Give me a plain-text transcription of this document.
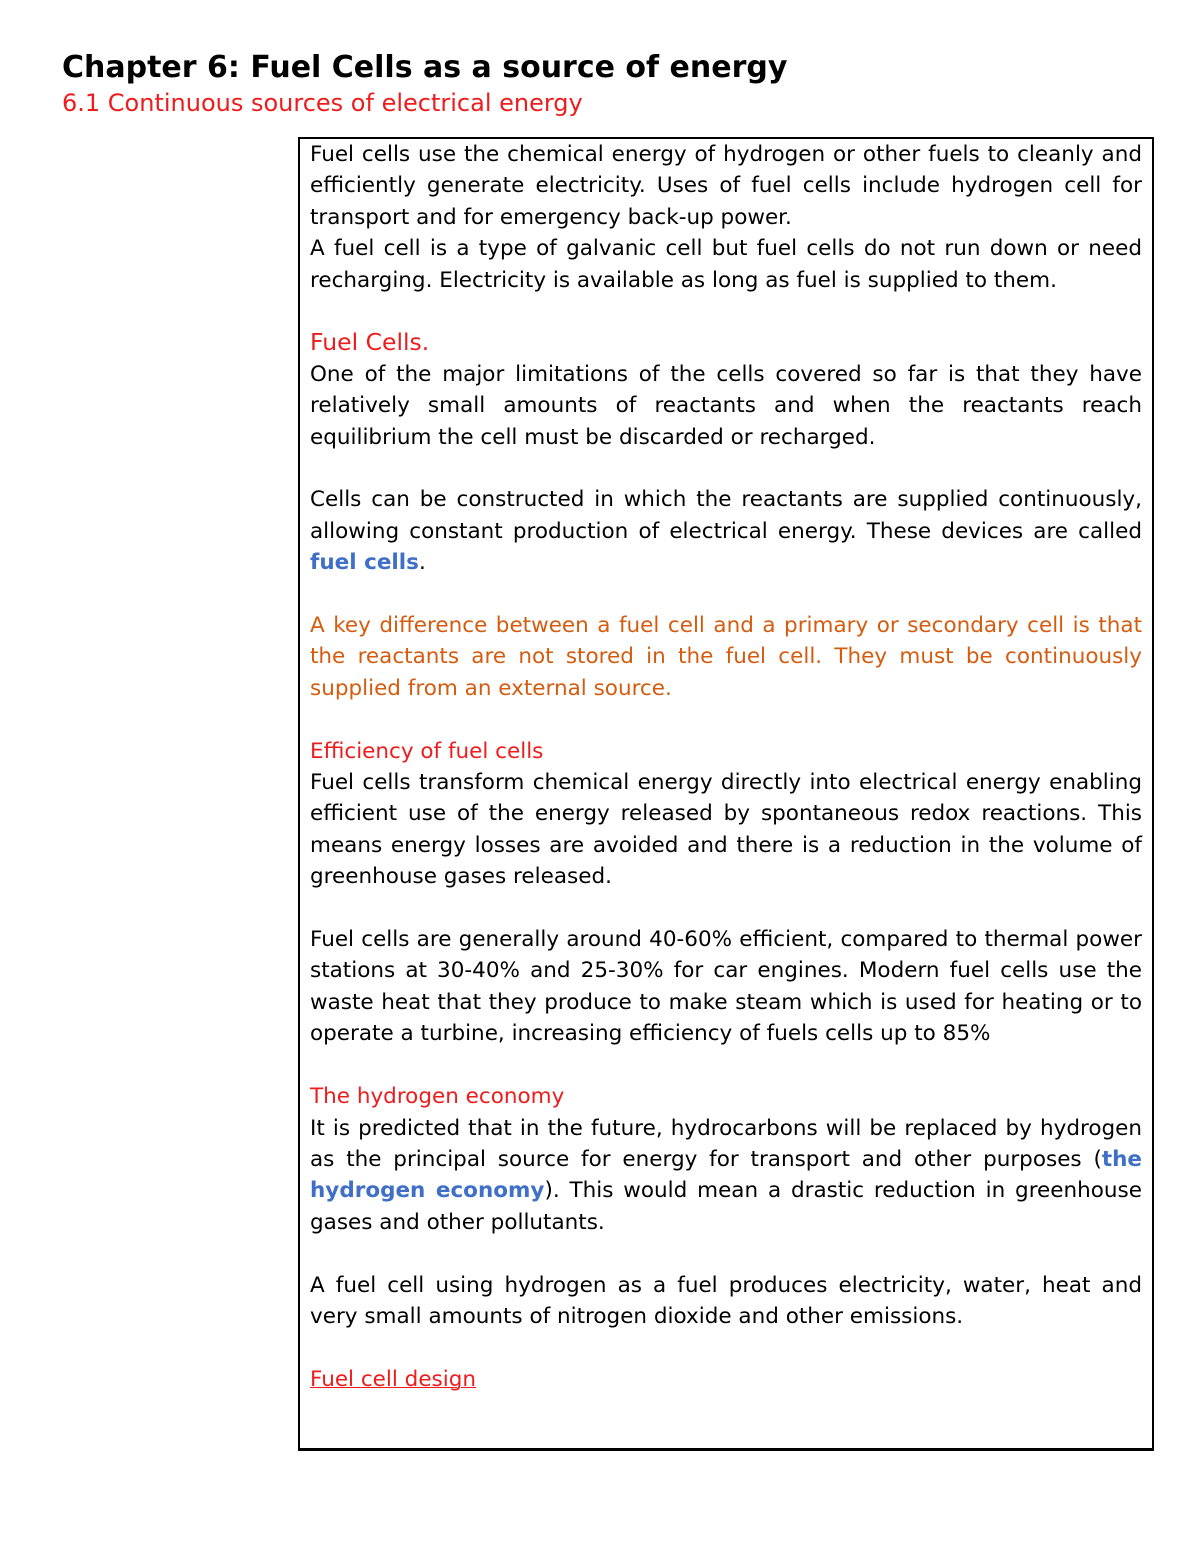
Chapter 6: Fuel Cells as a source of energy
6.1 Continuous sources of electrical energy

Fuel cells use the chemical energy of hydrogen or other fuels to cleanly and efficiently generate electricity. Uses of fuel cells include hydrogen cell for transport and for emergency back-up power.

A fuel cell is a type of galvanic cell but fuel cells do not run down or need recharging. Electricity is available as long as fuel is supplied to them.

Fuel Cells.

One of the major limitations of the cells covered so far is that they have relatively small amounts of reactants and when the reactants reach equilibrium the cell must be discarded or recharged.

Cells can be constructed in which the reactants are supplied continuously, allowing constant production of electrical energy. These devices are called fuel cells.

A key difference between a fuel cell and a primary or secondary cell is that the reactants are not stored in the fuel cell. They must be continuously supplied from an external source.

Efficiency of fuel cells

Fuel cells transform chemical energy directly into electrical energy enabling efficient use of the energy released by spontaneous redox reactions. This means energy losses are avoided and there is a reduction in the volume of greenhouse gases released.

Fuel cells are generally around 40-60% efficient, compared to thermal power stations at 30-40% and 25-30% for car engines. Modern fuel cells use the waste heat that they produce to make steam which is used for heating or to operate a turbine, increasing efficiency of fuels cells up to 85%

The hydrogen economy

It is predicted that in the future, hydrocarbons will be replaced by hydrogen as the principal source for energy for transport and other purposes (the hydrogen economy). This would mean a drastic reduction in greenhouse gases and other pollutants.

A fuel cell using hydrogen as a fuel produces electricity, water, heat and very small amounts of nitrogen dioxide and other emissions.

Fuel cell design
